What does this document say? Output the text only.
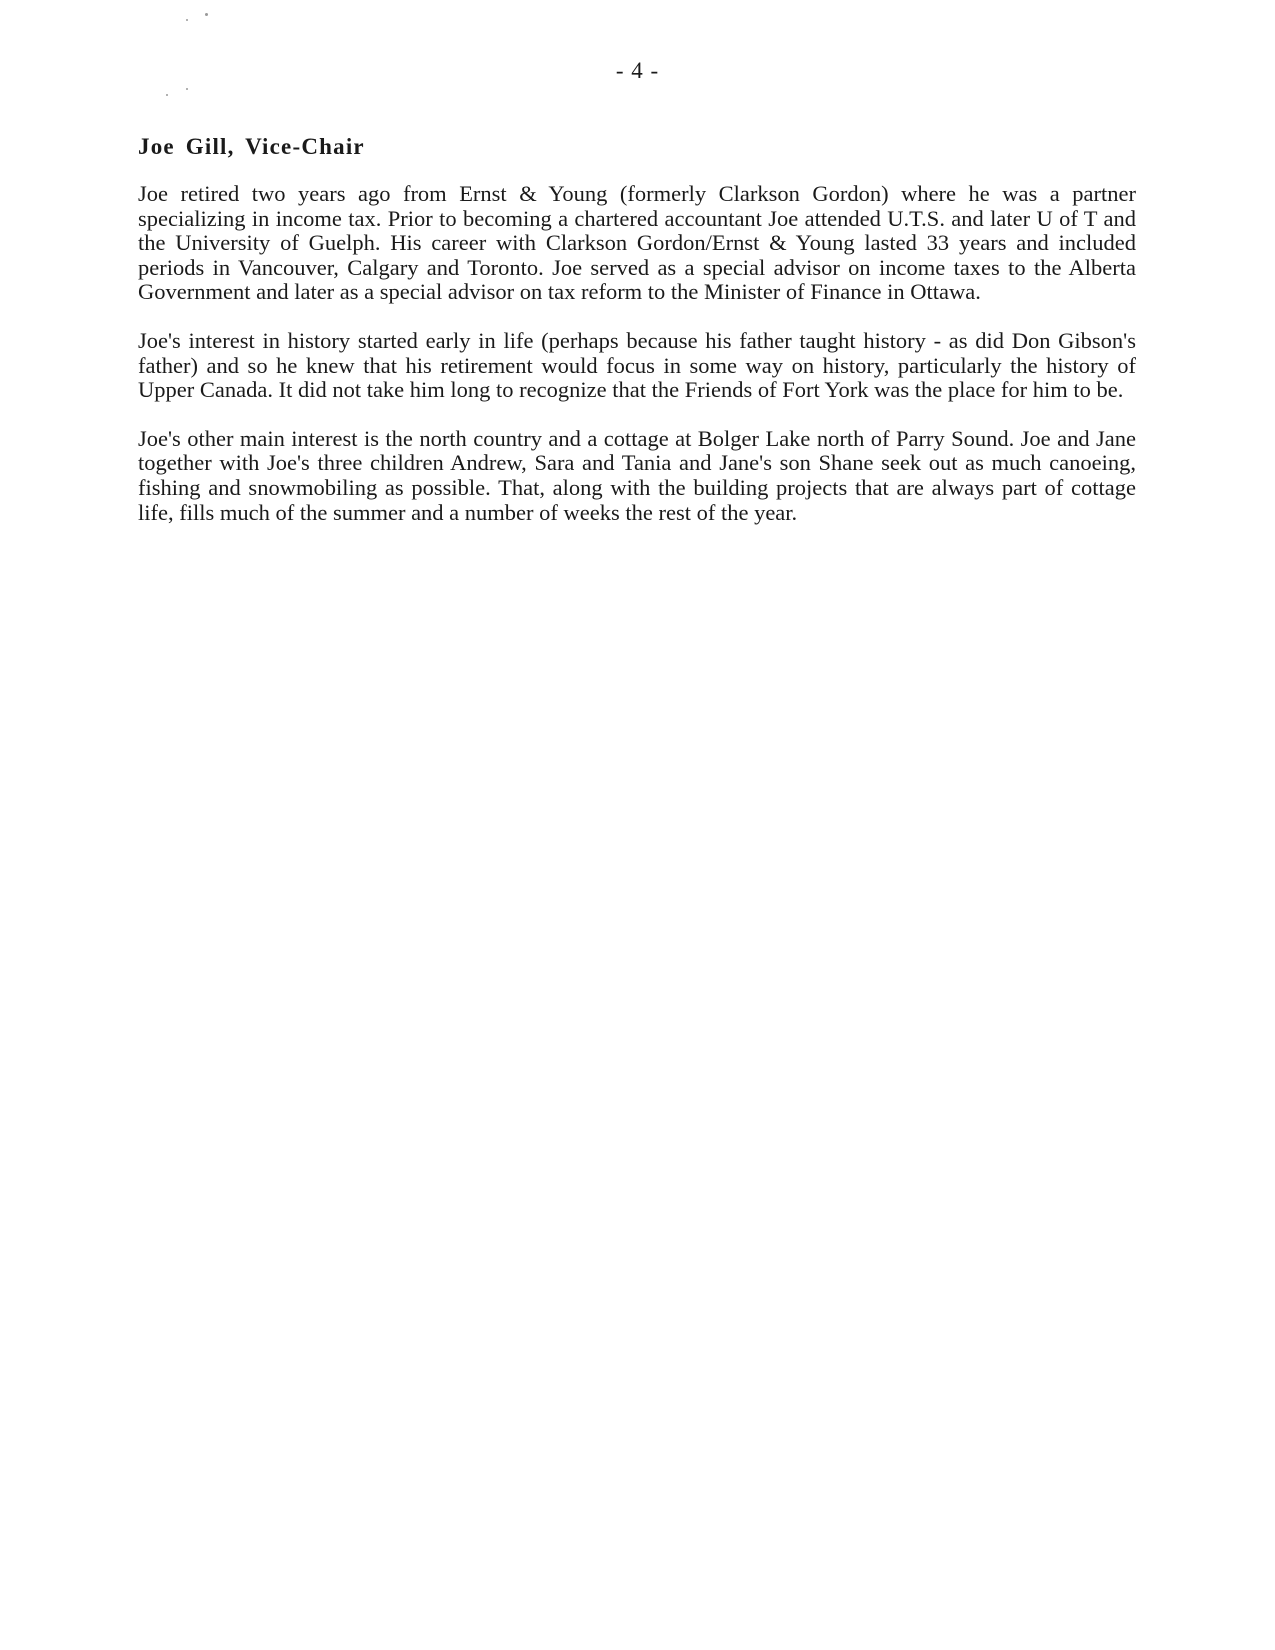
- 4 -
Joe Gill, Vice-Chair

Joe retired two years ago from Ernst & Young (formerly Clarkson Gordon) where he was a partner specializing in income tax. Prior to becoming a chartered accountant Joe attended U.T.S. and later U of T and the University of Guelph. His career with Clarkson Gordon/Ernst & Young lasted 33 years and included periods in Vancouver, Calgary and Toronto. Joe served as a special advisor on income taxes to the Alberta Government and later as a special advisor on tax reform to the Minister of Finance in Ottawa.

Joe's interest in history started early in life (perhaps because his father taught history - as did Don Gibson's father) and so he knew that his retirement would focus in some way on history, particularly the history of Upper Canada. It did not take him long to recognize that the Friends of Fort York was the place for him to be.

Joe's other main interest is the north country and a cottage at Bolger Lake north of Parry Sound. Joe and Jane together with Joe's three children Andrew, Sara and Tania and Jane's son Shane seek out as much canoeing, fishing and snowmobiling as possible. That, along with the building projects that are always part of cottage life, fills much of the summer and a number of weeks the rest of the year.
